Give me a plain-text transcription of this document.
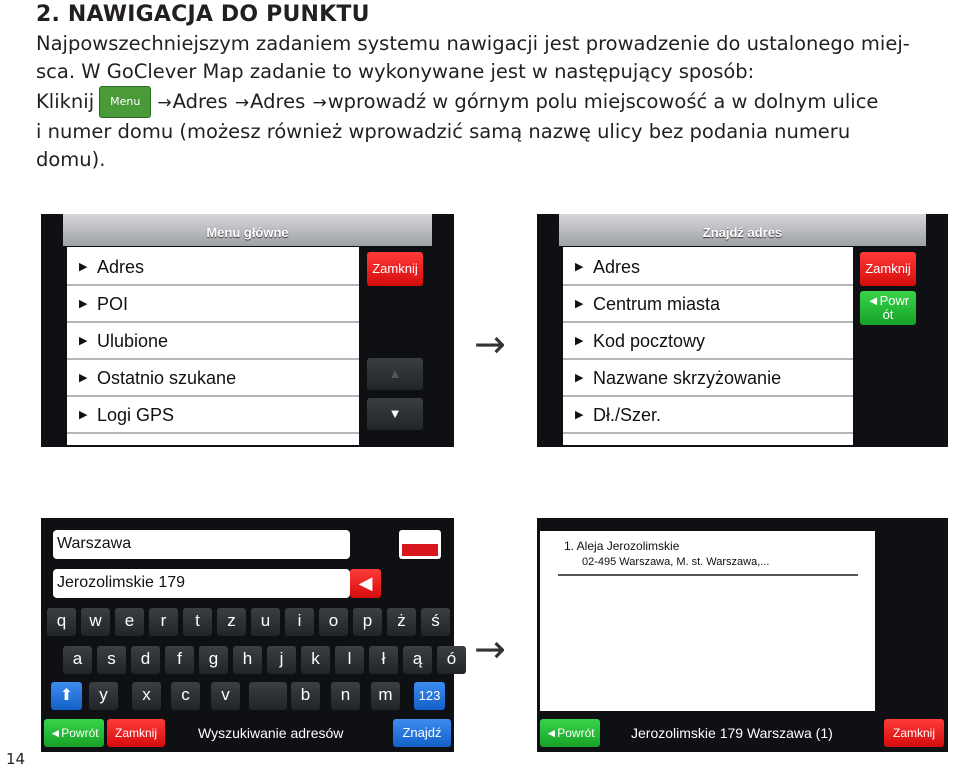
2. NAWIGACJA DO PUNKTU
Najpowszechniejszym zadaniem systemu nawigacji jest prowadzenie do ustalonego miej-
sca. W GoClever Map zadanie to wykonywane jest w następujący sposób:
Kliknij Menu →Adres →Adres →wprowadź w górnym polu miejscowość a w dolnym ulice
i numer domu (możesz również wprowadzić samą nazwę ulicy bez podania numeru
domu).
Menu główne
▶ Adres
▶ POI
▶ Ulubione
▶ Ostatnio szukane
▶ Logi GPS
Zamknij
▲
▼
→
Znajdź adres
▶ Adres
▶ Centrum miasta
▶ Kod pocztowy
▶ Nazwane skrzyżowanie
▶ Dł./Szer.
Zamknij
◄Powr
ót
Warszawa
Jerozolimskie 179	◀
⬆	123
◄Powrót	Zamknij	Wyszukiwanie adresów	Znajdź
q	w	e	r	t	z	u	i	o	p	ż	ś
a	s	d	f	g	h	j	k	l	ł	ą	ó
y	x	c	v	b	n	m
→
1. Aleja Jerozolimskie
02-495 Warszawa, M. st. Warszawa,...
◄Powrót	Jerozolimskie 179 Warszawa (1)	Zamknij
14
